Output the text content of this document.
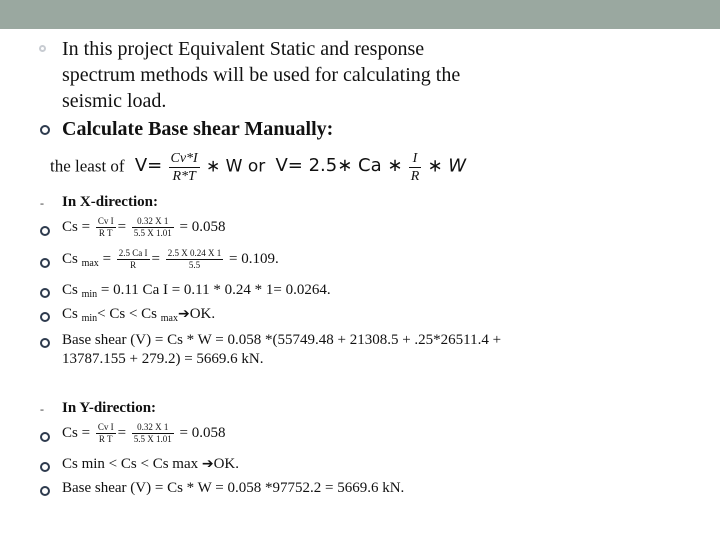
In this project Equivalent Static and response
spectrum methods will be used for calculating the
seismic load.
Calculate Base shear Manually:
the least of $V= \frac{Cv*I}{R*T}$ ∗ W or V= 2.5∗ Ca ∗ $\frac{I}{R}$ ∗ W
- In X-direction:
$Cs = \frac{\text{Cv I}}{\text{R T}} = \frac{0.32 X 1}{5.5 X 1.01} = 0.058$
Cs $_{max} = \frac{\text{2.5 Ca I}}{R} = \frac{2.5 X 0.24 X 1}{5.5} = 0.109$.
Cs $_{min}$ = 0.11 Ca I = 0.11 * 0.24 * 1= 0.0264.
Cs $_{min}$< Cs < Cs $_{max}$➔OK.
Base shear (V) = Cs * W = 0.058 *(55749.48 + 21308.5 + .25*26511.4 +
13787.155 + 279.2) = 5669.6 kN.
- In Y-direction:
$Cs = \frac{\text{Cv I}}{\text{R T}} = \frac{0.32 X 1}{5.5 X 1.01} = 0.058$
Cs min < Cs < Cs max ➔OK.
Base shear (V) = Cs * W = 0.058 *97752.2 = 5669.6 kN.
